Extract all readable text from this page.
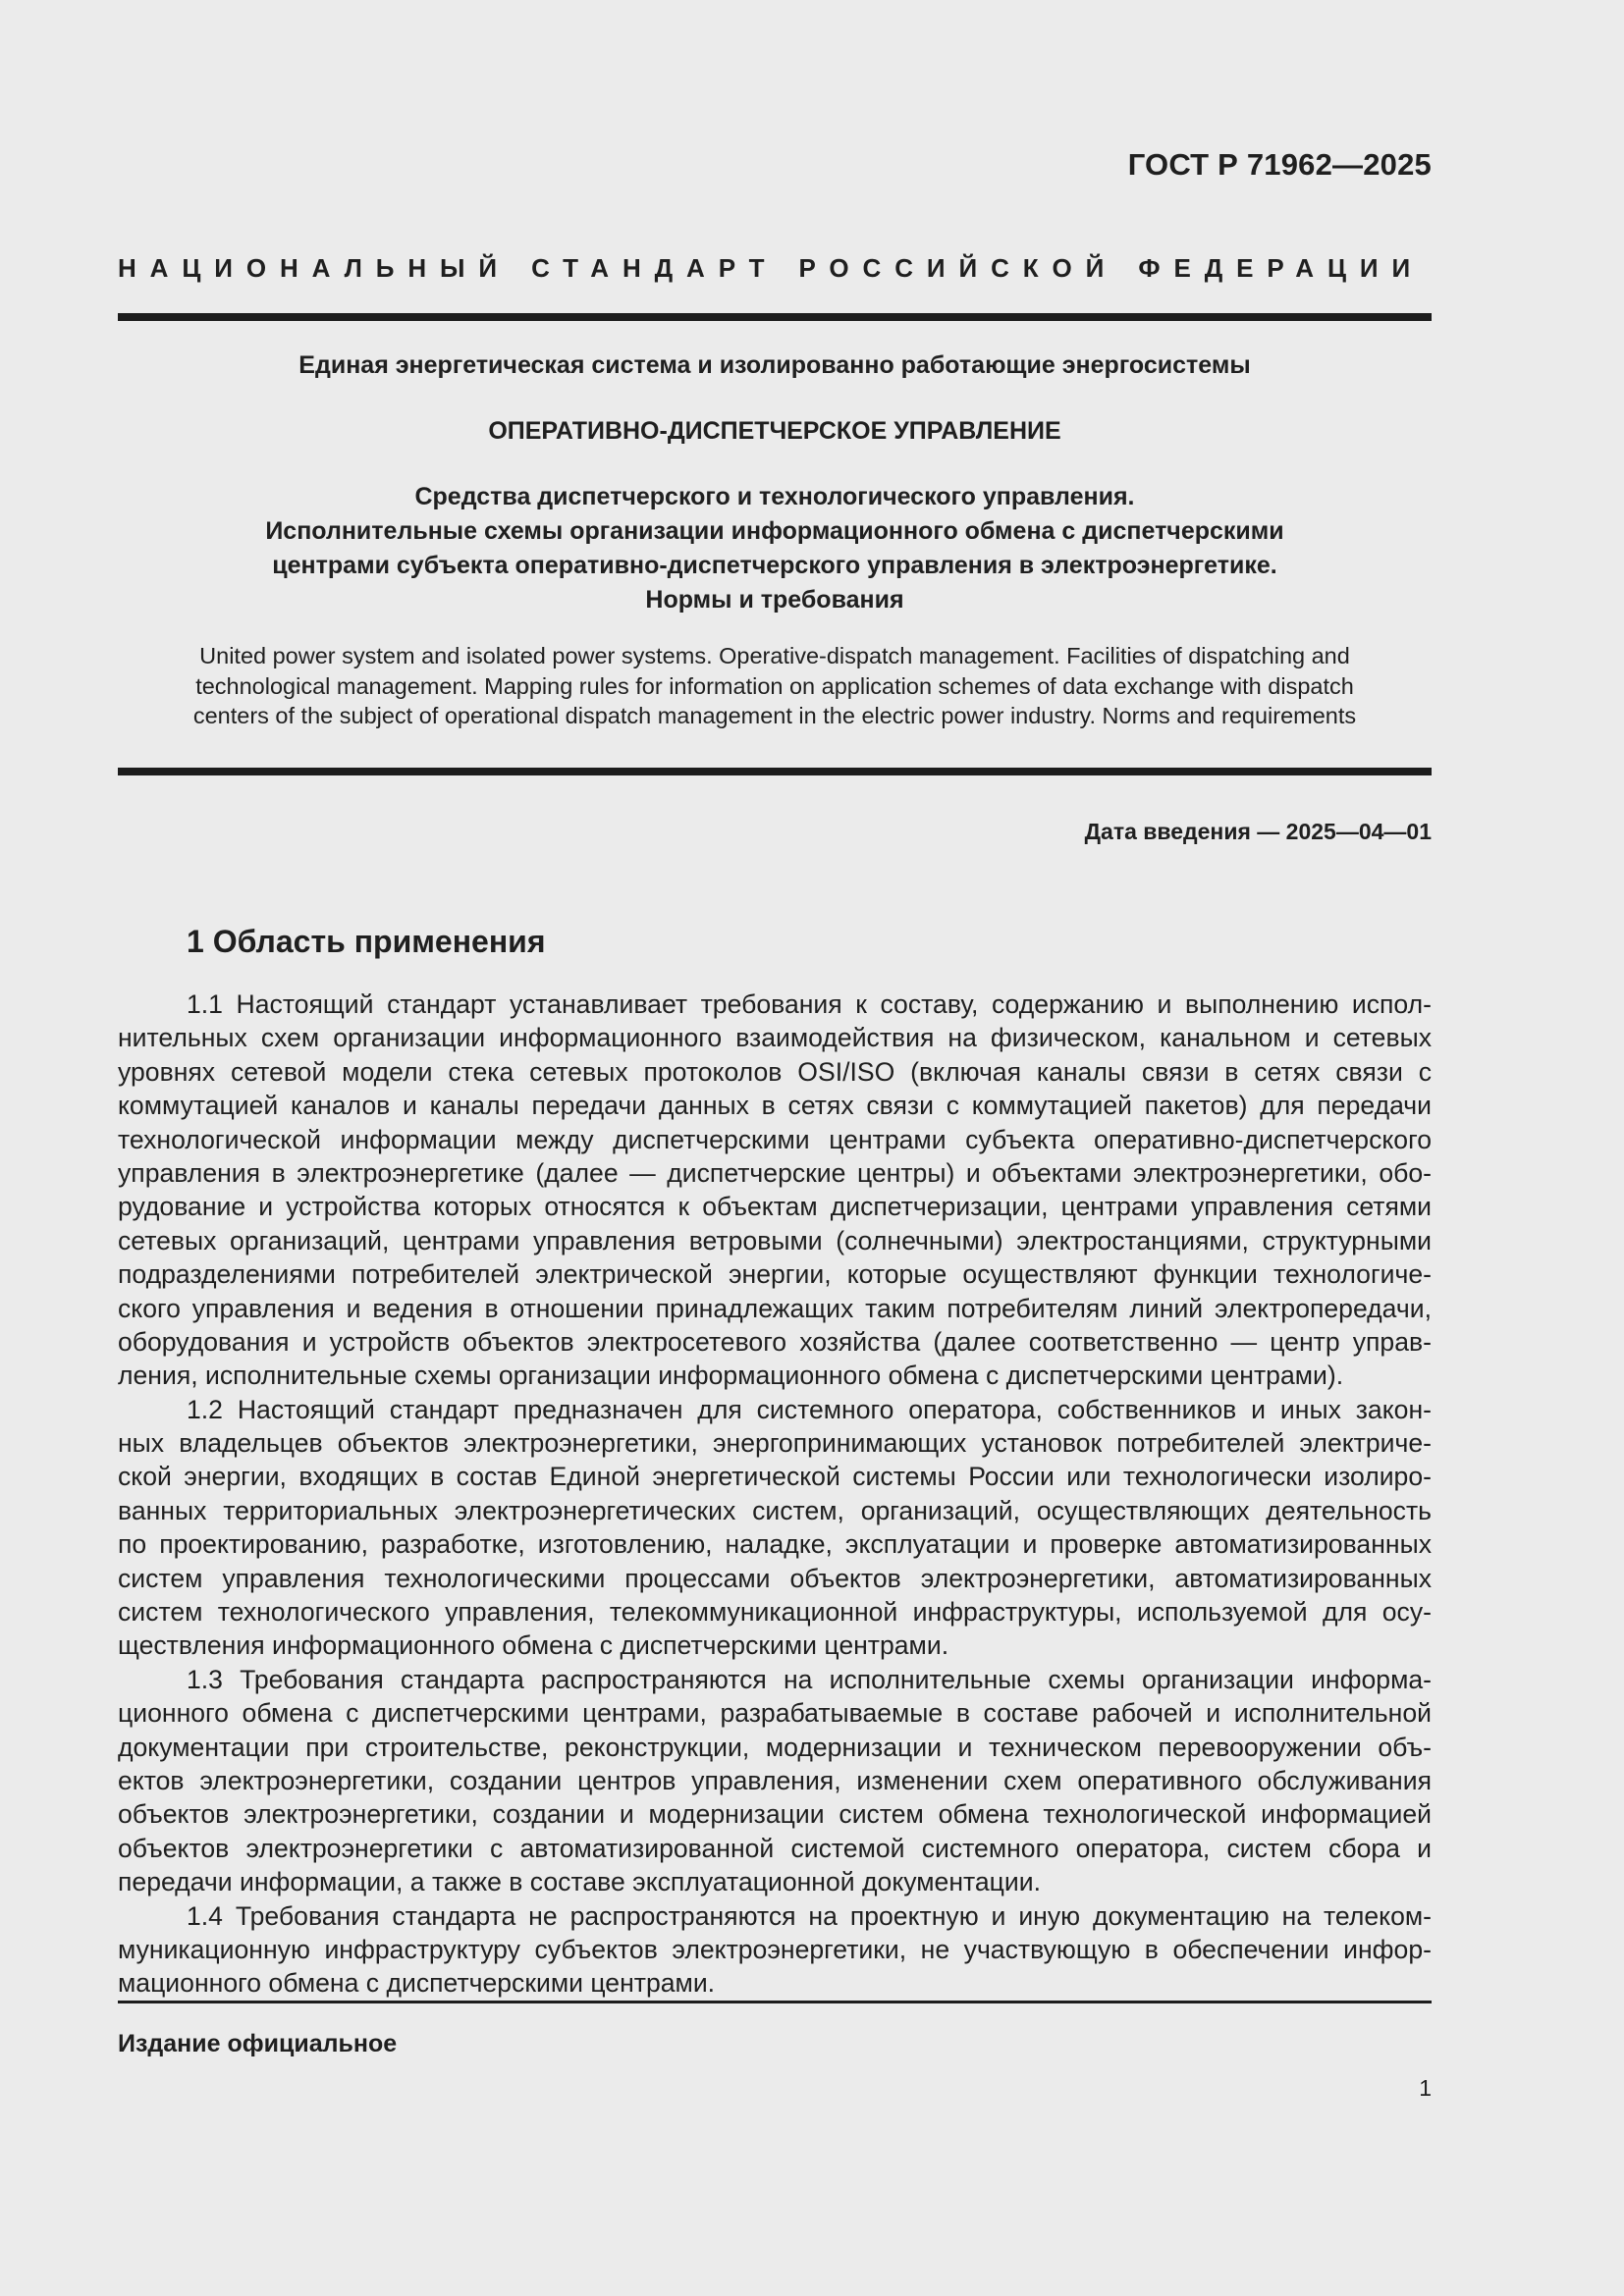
ГОСТ Р 71962—2025
НАЦИОНАЛЬНЫЙ СТАНДАРТ РОССИЙСКОЙ ФЕДЕРАЦИИ
Единая энергетическая система и изолированно работающие энергосистемы
ОПЕРАТИВНО-ДИСПЕТЧЕРСКОЕ УПРАВЛЕНИЕ
Средства диспетчерского и технологического управления.
Исполнительные схемы организации информационного обмена с диспетчерскими
центрами субъекта оперативно-диспетчерского управления в электроэнергетике.
Нормы и требования
United power system and isolated power systems. Operative-dispatch management. Facilities of dispatching and
technological management. Mapping rules for information on application schemes of data exchange with dispatch
centers of the subject of operational dispatch management in the electric power industry. Norms and requirements
Дата введения — 2025—04—01
1 Область применения
1.1 Настоящий стандарт устанавливает требования к составу, содержанию и выполнению испол-
нительных схем организации информационного взаимодействия на физическом, канальном и сетевых
уровнях сетевой модели стека сетевых протоколов OSI/ISO (включая каналы связи в сетях связи с
коммутацией каналов и каналы передачи данных в сетях связи с коммутацией пакетов) для передачи
технологической информации между диспетчерскими центрами субъекта оперативно-диспетчерского
управления в электроэнергетике (далее — диспетчерские центры) и объектами электроэнергетики, обо-
рудование и устройства которых относятся к объектам диспетчеризации, центрами управления сетями
сетевых организаций, центрами управления ветровыми (солнечными) электростанциями, структурными
подразделениями потребителей электрической энергии, которые осуществляют функции технологиче-
ского управления и ведения в отношении принадлежащих таким потребителям линий электропередачи,
оборудования и устройств объектов электросетевого хозяйства (далее соответственно — центр управ-
ления, исполнительные схемы организации информационного обмена с диспетчерскими центрами).
1.2 Настоящий стандарт предназначен для системного оператора, собственников и иных закон-
ных владельцев объектов электроэнергетики, энергопринимающих установок потребителей электриче-
ской энергии, входящих в состав Единой энергетической системы России или технологически изолиро-
ванных территориальных электроэнергетических систем, организаций, осуществляющих деятельность
по проектированию, разработке, изготовлению, наладке, эксплуатации и проверке автоматизированных
систем управления технологическими процессами объектов электроэнергетики, автоматизированных
систем технологического управления, телекоммуникационной инфраструктуры, используемой для осу-
ществления информационного обмена с диспетчерскими центрами.
1.3 Требования стандарта распространяются на исполнительные схемы организации информа-
ционного обмена с диспетчерскими центрами, разрабатываемые в составе рабочей и исполнительной
документации при строительстве, реконструкции, модернизации и техническом перевооружении объ-
ектов электроэнергетики, создании центров управления, изменении схем оперативного обслуживания
объектов электроэнергетики, создании и модернизации систем обмена технологической информацией
объектов электроэнергетики с автоматизированной системой системного оператора, систем сбора и
передачи информации, а также в составе эксплуатационной документации.
1.4 Требования стандарта не распространяются на проектную и иную документацию на телеком-
муникационную инфраструктуру субъектов электроэнергетики, не участвующую в обеспечении инфор-
мационного обмена с диспетчерскими центрами.
Издание официальное
1
